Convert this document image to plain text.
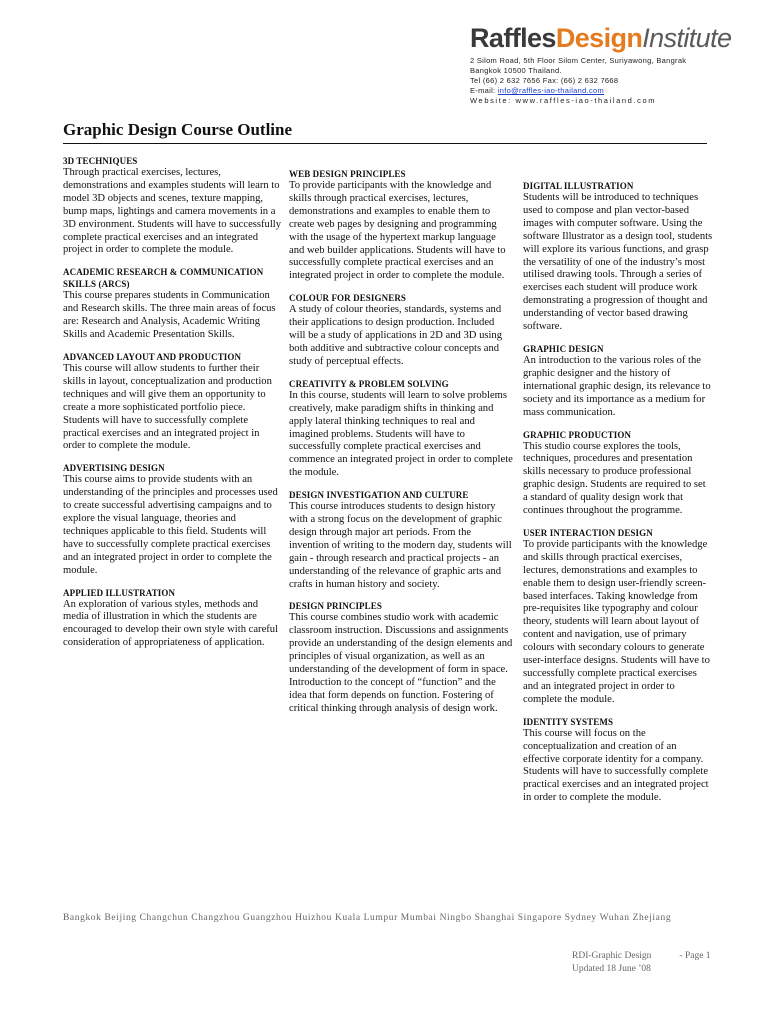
RafflesDesignInstitute
2 Silom Road, 5th Floor Silom Center, Suriyawong, Bangrak
Bangkok 10500 Thailand.
Tel (66) 2 632 7656 Fax: (66) 2 632 7668
E-mail: info@raffles-iao-thailand.com
Website: www.raffles-iao-thailand.com
Graphic Design Course Outline
3D TECHNIQUES
Through practical exercises, lectures, demonstrations and examples students will learn to model 3D objects and scenes, texture mapping, bump maps, lightings and camera movements in a 3D environment. Students will have to successfully complete practical exercises and an integrated project in order to complete the module.
ACADEMIC RESEARCH & COMMUNICATION SKILLS (ARCS)
This course prepares students in Communication and Research skills. The three main areas of focus are: Research and Analysis, Academic Writing Skills and Academic Presentation Skills.
ADVANCED LAYOUT AND PRODUCTION
This course will allow students to further their skills in layout, conceptualization and production techniques and will give them an opportunity to create a more sophisticated portfolio piece. Students will have to successfully complete practical exercises and an integrated project in order to complete the module.
ADVERTISING DESIGN
This course aims to provide students with an understanding of the principles and processes used to create successful advertising campaigns and to explore the visual language, theories and techniques applicable to this field. Students will have to successfully complete practical exercises and an integrated project in order to complete the module.
APPLIED ILLUSTRATION
An exploration of various styles, methods and media of illustration in which the students are encouraged to develop their own style with careful consideration of appropriateness of application.
WEB DESIGN PRINCIPLES
To provide participants with the knowledge and skills through practical exercises, lectures, demonstrations and examples to enable them to create web pages by designing and programming with the usage of the hypertext markup language and web builder applications. Students will have to successfully complete practical exercises and an integrated project in order to complete the module.
COLOUR FOR DESIGNERS
A study of colour theories, standards, systems and their applications to design production. Included will be a study of applications in 2D and 3D using both additive and subtractive colour concepts and study of perceptual effects.
CREATIVITY & PROBLEM SOLVING
In this course, students will learn to solve problems creatively, make paradigm shifts in thinking and apply lateral thinking techniques to real and imagined problems. Students will have to successfully complete practical exercises and commence an integrated project in order to complete the module.
DESIGN INVESTIGATION AND CULTURE
This course introduces students to design history with a strong focus on the development of graphic design through major art periods. From the invention of writing to the modern day, students will gain - through research and practical projects - an understanding of the relevance of graphic arts and crafts in human history and society.
DESIGN PRINCIPLES
This course combines studio work with academic classroom instruction. Discussions and assignments provide an understanding of the design elements and principles of visual organization, as well as an understanding of the development of form in space. Introduction to the concept of “function” and the idea that form depends on function. Fostering of critical thinking through analysis of design work.
DIGITAL ILLUSTRATION
Students will be introduced to techniques used to compose and plan vector-based images with computer software. Using the software Illustrator as a design tool, students will explore its various functions, and grasp the versatility of one of the industry’s most utilised drawing tools. Through a series of exercises each student will produce work demonstrating a progression of thought and understanding of vector based drawing software.
GRAPHIC DESIGN
An introduction to the various roles of the graphic designer and the history of international graphic design, its relevance to society and its importance as a medium for mass communication.
GRAPHIC PRODUCTION
This studio course explores the tools, techniques, procedures and presentation skills necessary to produce professional graphic design. Students are required to set a standard of quality design work that continues throughout the programme.
USER INTERACTION DESIGN
To provide participants with the knowledge and skills through practical exercises, lectures, demonstrations and examples to enable them to design user-friendly screen-based interfaces. Taking knowledge from pre-requisites like typography and colour theory, students will learn about layout of content and navigation, use of primary colours with secondary colours to generate user-interface designs. Students will have to successfully complete practical exercises and an integrated project in order to complete the module.
IDENTITY SYSTEMS
This course will focus on the conceptualization and creation of an effective corporate identity for a company. Students will have to successfully complete practical exercises and an integrated project in order to complete the module.
Bangkok Beijing Changchun Changzhou Guangzhou Huizhou Kuala Lumpur Mumbai Ningbo Shanghai Singapore Sydney Wuhan Zhejiang
RDI-Graphic Design	- Page 1
Updated 18 June ’08
